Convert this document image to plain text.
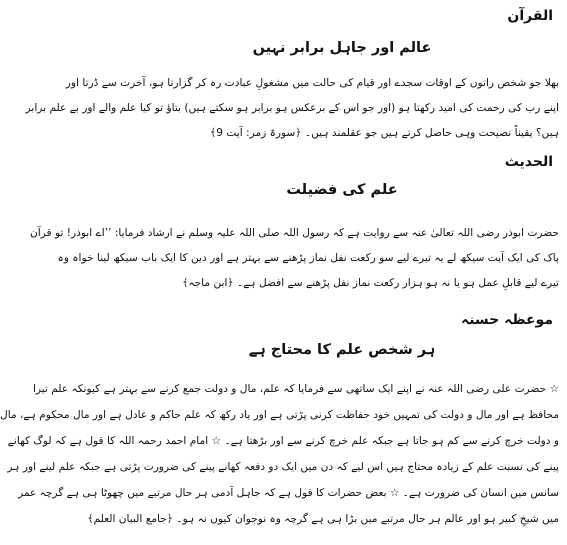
القرآن
عالم اور جاہل برابر نہیں
بھلا جو شخص راتوں کے اوقات سجدے اور قیام کی حالت میں مشغولِ عبادت رہ کر گزارتا ہو، آخرت سے ڈرتا اور
اپنے رب کی رحمت کی امید رکھتا ہو (اور جو اس کے برعکس ہو برابر ہو سکتے ہیں) بتاؤ تو کیا علم والے اور بے علم برابر
ہیں؟ یقیناً نصیحت وہی حاصل کرتے ہیں جو عقلمند ہیں۔ ﴿سورۃ زمر: آیت 9﴾
الحدیث
علم کی فضیلت
حضرت ابوذر رضی اللہ تعالیٰ عنہ سے روایت ہے کہ رسول اللہ صلی اللہ علیہ وسلم نے ارشاد فرمایا: ’’اے ابوذر! تو قرآن
پاک کی ایک آیت سیکھ لے یہ تیرے لیے سو رکعت نفل نماز پڑھنے سے بہتر ہے اور دین کا ایک باب سیکھ لینا خواہ وہ
تیرے لیے قابلِ عمل ہو یا نہ ہو ہزار رکعت نماز نفل پڑھنے سے افضل ہے۔ ﴿ابن ماجہ﴾
موعظہ حسنہ
ہر شخص علم کا محتاج ہے
☆ حضرت علی رضی اللہ عنہ نے اپنے ایک ساتھی سے فرمایا کہ علم، مال و دولت جمع کرنے سے بہتر ہے کیونکہ علم تیرا
محافظ ہے اور مال و دولت کی تمہیں خود حفاظت کرنی پڑتی ہے اور یاد رکھ کہ علم حاکم و عادل ہے اور مال محکوم ہے، مال
و دولت خرچ کرنے سے کم ہو جاتا ہے جبکہ علم خرچ کرنے سے اور بڑھتا ہے۔ ☆ امام احمد رحمہ اللہ کا قول ہے کہ لوگ کھانے
پینے کی نسبت علم کے زیادہ محتاج ہیں اس لیے کہ دن میں ایک دو دفعہ کھانے پینے کی ضرورت پڑتی ہے جبکہ علم لینے اور ہر
سانس میں انسان کی ضرورت ہے۔ ☆ بعض حضرات کا قول ہے کہ جاہل آدمی ہر حال مرتبے میں چھوٹا ہی ہے گرچہ عمر
میں شیخِ کبیر ہو اور عالم ہر حال مرتبے میں بڑا ہی ہے گرچہ وہ نوجوان کیوں نہ ہو۔ ﴿جامع البیان العلم﴾
